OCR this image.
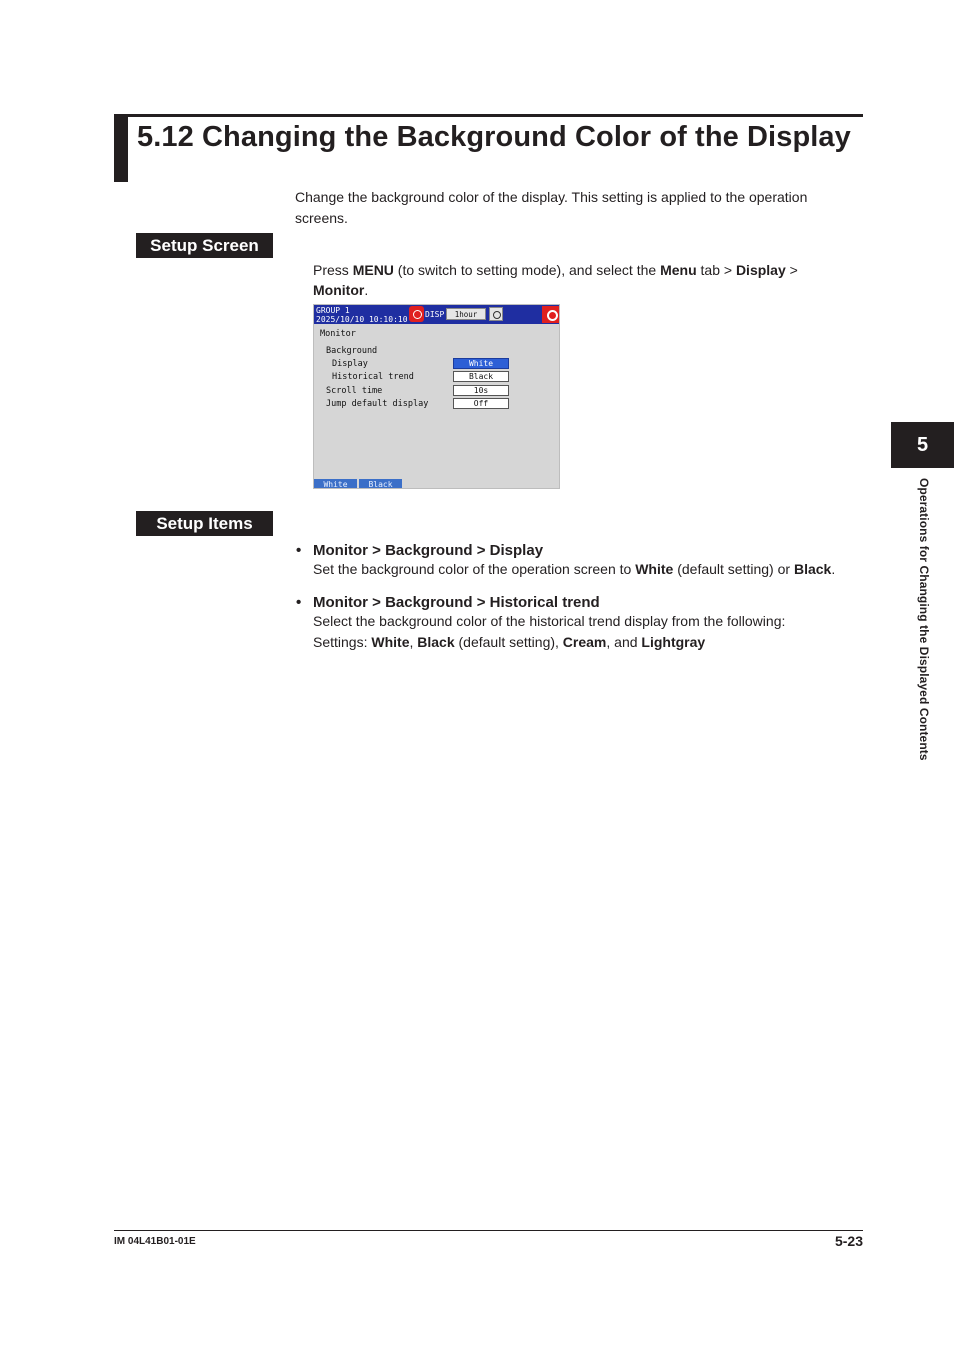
5.12 Changing the Background Color of the Display
Change the background color of the display. This setting is applied to the operation
screens.
Setup Screen
Press MENU (to switch to setting mode), and select the Menu tab > Display >
Monitor.
GROUP 1
2025/10/10 10:10:10
DISP	1hour
Monitor
Background
Display	White
Historical trend	Black
Scroll time	10s
Jump default display	Off
White	Black
Setup Items
• Monitor > Background > Display
Set the background color of the operation screen to White (default setting) or Black.
• Monitor > Background > Historical trend
Select the background color of the historical trend display from the following:
Settings: White, Black (default setting), Cream, and Lightgray
5
Operations for Changing the Displayed Contents
IM 04L41B01-01E	5-23
